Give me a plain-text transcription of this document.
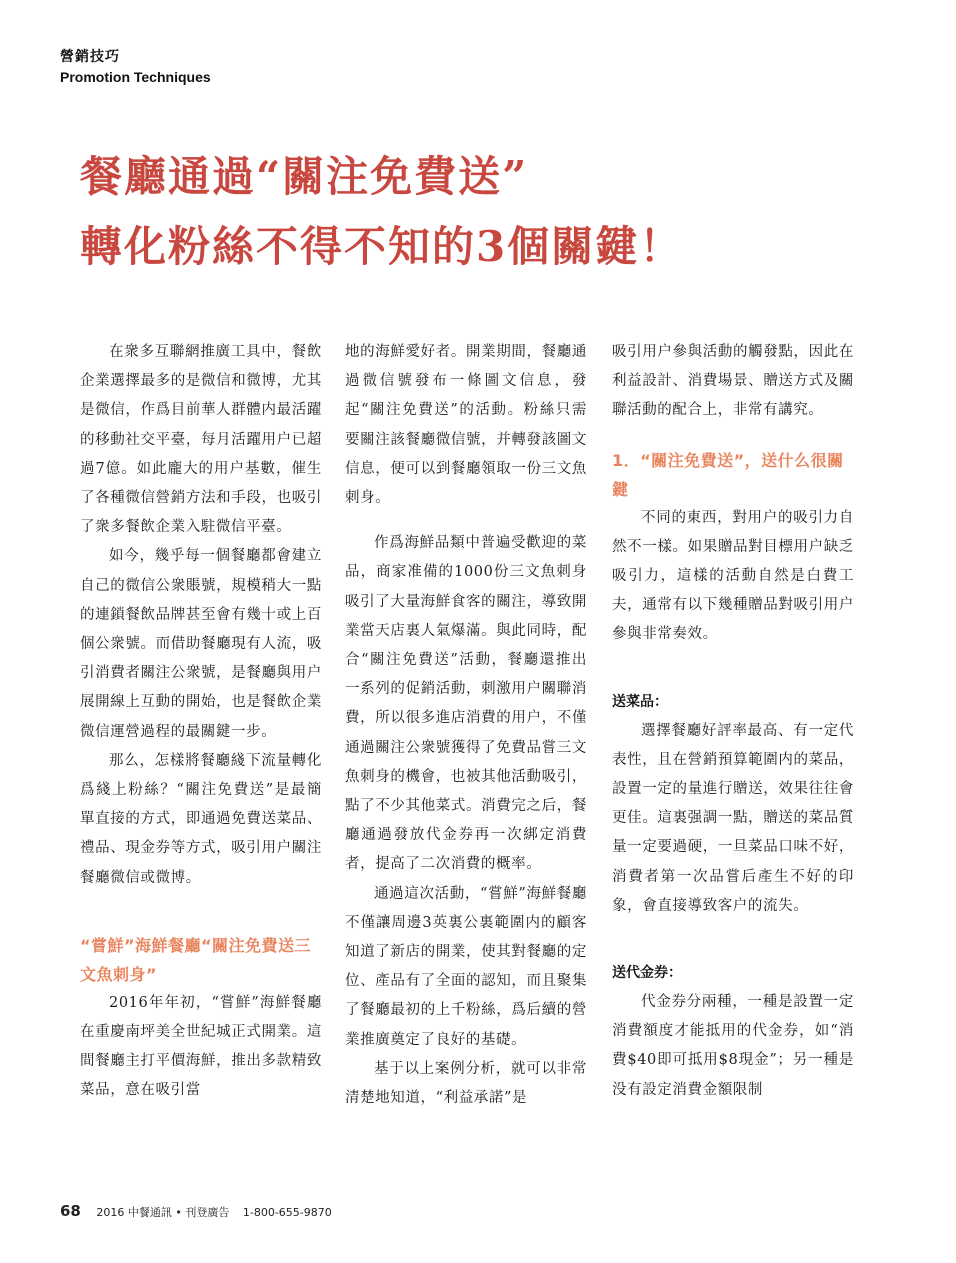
營銷技巧
Promotion Techniques
餐廳通過“關注免費送”
轉化粉絲不得不知的3個關鍵！

在衆多互聯網推廣工具中，餐飲企業選擇最多的是微信和微博，尤其是微信，作爲目前華人群體内最活躍的移動社交平臺，每月活躍用户已超過7億。如此龐大的用户基數，催生了各種微信營銷方法和手段，也吸引了衆多餐飲企業入駐微信平臺。

如今，幾乎每一個餐廳都會建立自己的微信公衆賬號，規模稍大一點的連鎖餐飲品牌甚至會有幾十或上百個公衆號。而借助餐廳現有人流，吸引消費者關注公衆號，是餐廳與用户展開線上互動的開始，也是餐飲企業微信運營過程的最關鍵一步。

那么，怎樣將餐廳綫下流量轉化爲綫上粉絲？“關注免費送”是最簡單直接的方式，即通過免費送菜品、禮品、現金券等方式，吸引用户關注餐廳微信或微博。

“嘗鮮”海鮮餐廳“關注免費送三文魚刺身”

2016年年初，“嘗鮮”海鮮餐廳在重慶南坪美全世紀城正式開業。這間餐廳主打平價海鮮，推出多款精致菜品，意在吸引當

地的海鮮愛好者。開業期間，餐廳通過微信號發布一條圖文信息，發起“關注免費送”的活動。粉絲只需要關注該餐廳微信號，并轉發該圖文信息，便可以到餐廳領取一份三文魚刺身。

作爲海鮮品類中普遍受歡迎的菜品，商家准備的1000份三文魚刺身吸引了大量海鮮食客的關注，導致開業當天店裏人氣爆滿。與此同時，配合“關注免費送”活動，餐廳還推出一系列的促銷活動，刺激用户關聯消費，所以很多進店消費的用户，不僅通過關注公衆號獲得了免費品嘗三文魚刺身的機會，也被其他活動吸引，點了不少其他菜式。消費完之后，餐廳通過發放代金券再一次綁定消費者，提高了二次消費的概率。

通過這次活動，“嘗鮮”海鮮餐廳不僅讓周邊3英裏公裏範圍内的顧客知道了新店的開業，使其對餐廳的定位、產品有了全面的認知，而且聚集了餐廳最初的上千粉絲，爲后續的營業推廣奠定了良好的基礎。

基于以上案例分析，就可以非常清楚地知道，“利益承諾”是

吸引用户參與活動的觸發點，因此在利益設計、消費場景、贈送方式及關聯活動的配合上，非常有講究。

1．“關注免費送”，送什么很關鍵

不同的東西，對用户的吸引力自然不一樣。如果贈品對目標用户缺乏吸引力，這樣的活動自然是白費工夫，通常有以下幾種贈品對吸引用户參與非常奏效。

送菜品：

選擇餐廳好評率最高、有一定代表性，且在營銷預算範圍内的菜品，設置一定的量進行贈送，效果往往會更佳。這裏强調一點，贈送的菜品質量一定要過硬，一旦菜品口味不好，消費者第一次品嘗后產生不好的印象，會直接導致客户的流失。

送代金券：

代金券分兩種，一種是設置一定消費額度才能抵用的代金券，如“消費$40即可抵用$8現金”；另一種是没有設定消費金額限制

68 2016 中餐通訊 • 刊登廣告 1-800-655-9870
